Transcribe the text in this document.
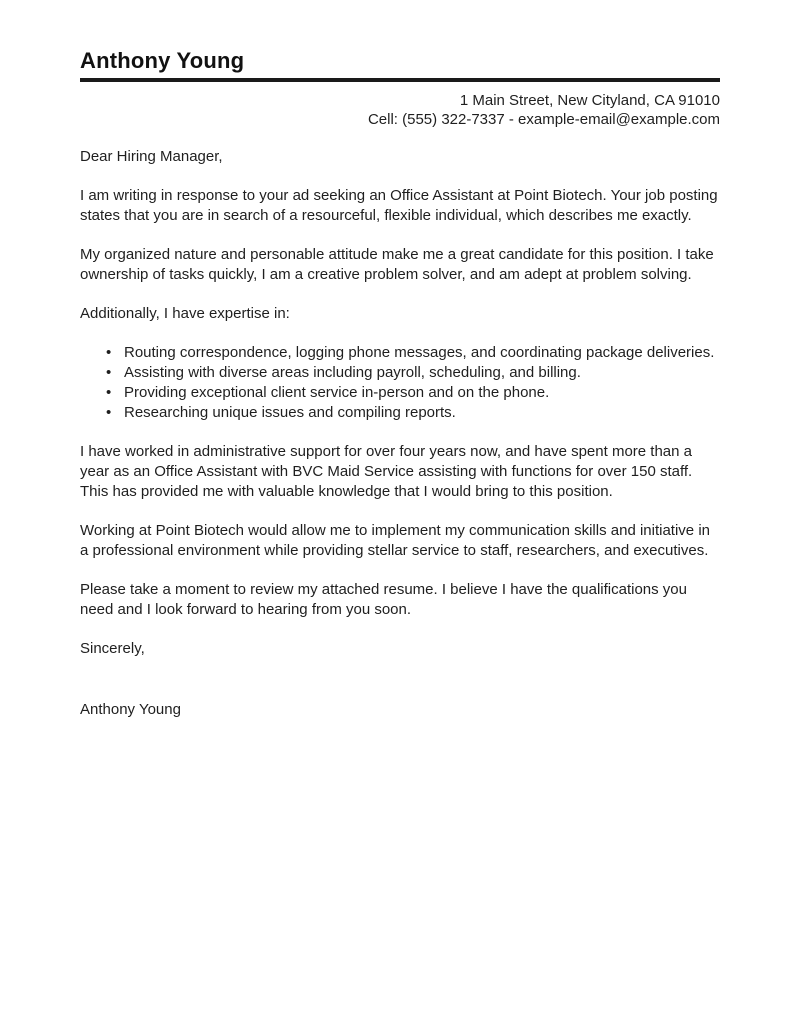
Anthony Young
1 Main Street, New Cityland, CA 91010
Cell: (555) 322-7337 - example-email@example.com
Dear Hiring Manager,

I am writing in response to your ad seeking an Office Assistant at Point Biotech. Your job posting states that you are in search of a resourceful, flexible individual, which describes me exactly.

My organized nature and personable attitude make me a great candidate for this position. I take ownership of tasks quickly, I am a creative problem solver, and am adept at problem solving.

Additionally, I have expertise in:

• Routing correspondence, logging phone messages, and coordinating package deliveries.
• Assisting with diverse areas including payroll, scheduling, and billing.
• Providing exceptional client service in-person and on the phone.
• Researching unique issues and compiling reports.

I have worked in administrative support for over four years now, and have spent more than a year as an Office Assistant with BVC Maid Service assisting with functions for over 150 staff. This has provided me with valuable knowledge that I would bring to this position.

Working at Point Biotech would allow me to implement my communication skills and initiative in a professional environment while providing stellar service to staff, researchers, and executives.

Please take a moment to review my attached resume. I believe I have the qualifications you need and I look forward to hearing from you soon.

Sincerely,
Anthony Young
